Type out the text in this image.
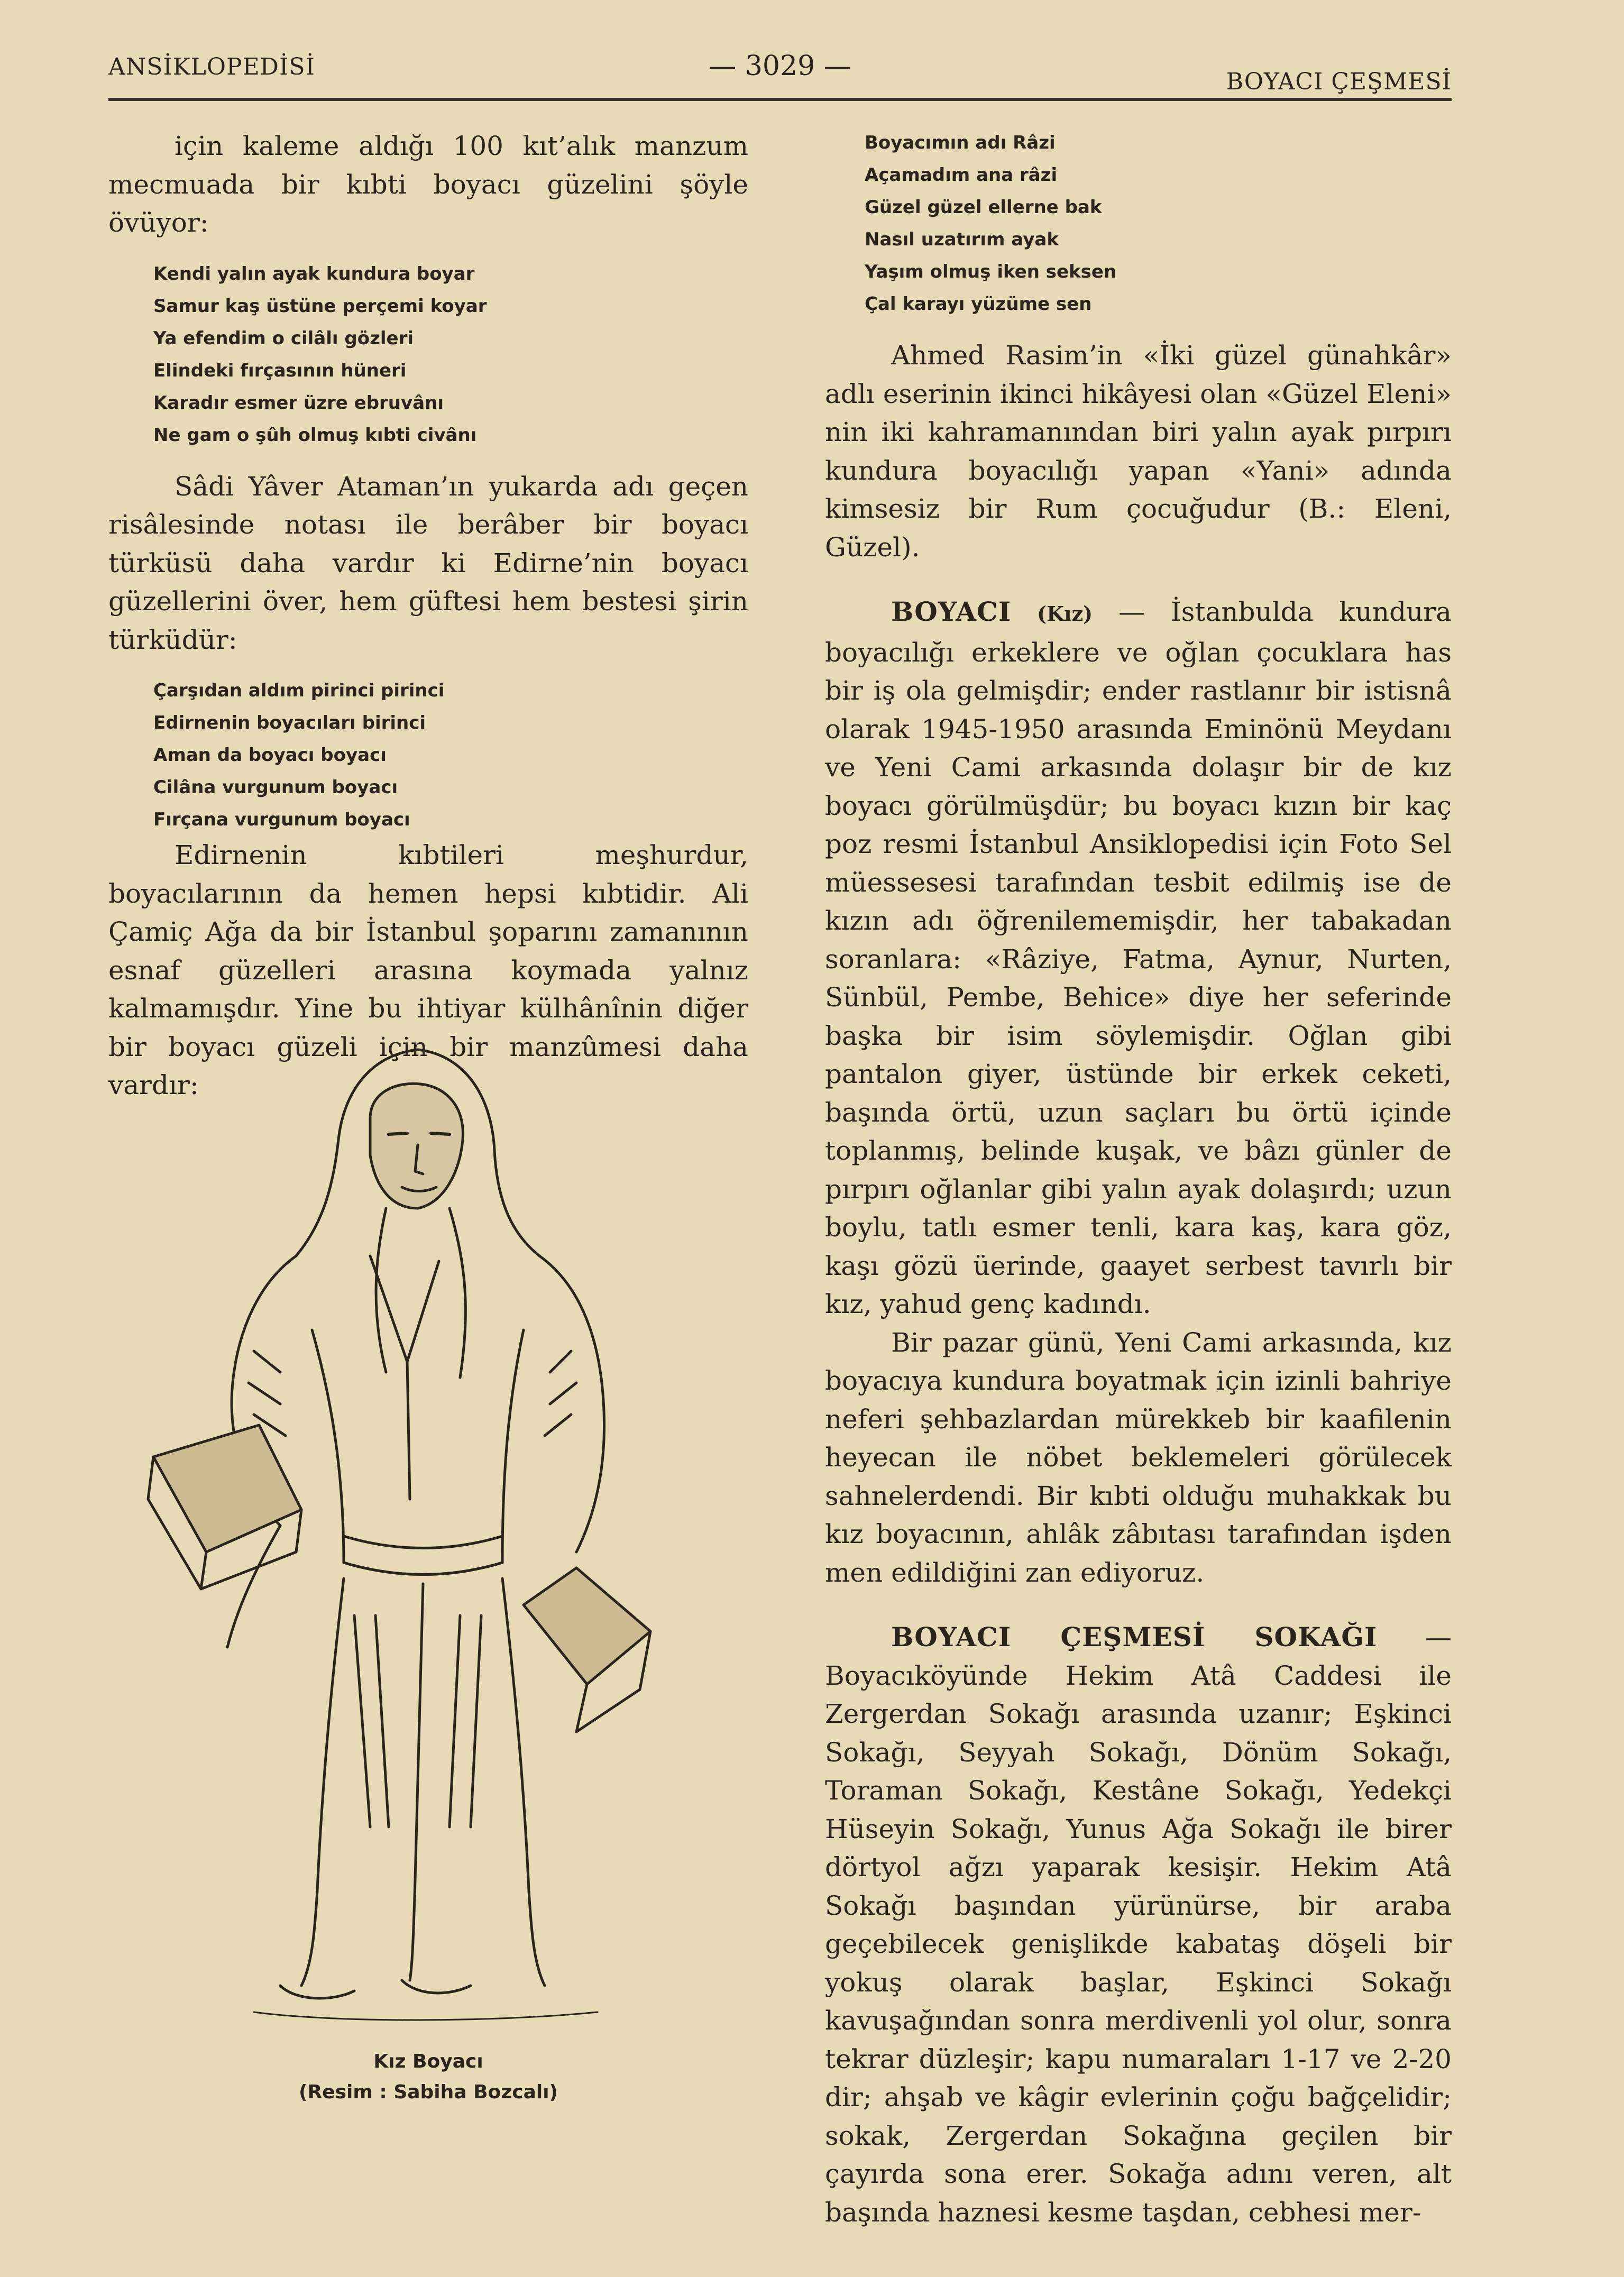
ANSİKLOPEDİSİ	— 3029 —	BOYACI ÇEŞMESİ

için kaleme aldığı 100 kıt’alık manzum mecmuada bir kıbti boyacı güzelini şöyle övüyor:

Kendi yalın ayak kundura boyar
Samur kaş üstüne perçemi koyar
Ya efendim o cilâlı gözleri
Elindeki fırçasının hüneri
Karadır esmer üzre ebruvânı
Ne gam o şûh olmuş kıbti civânı

Sâdi Yâver Ataman’ın yukarda adı geçen risâlesinde notası ile berâber bir boyacı türküsü daha vardır ki Edirne’nin boyacı güzellerini över, hem güftesi hem bestesi şirin türküdür:

Çarşıdan aldım pirinci pirinci
Edirnenin boyacıları birinci
Aman da boyacı boyacı
Cilâna vurgunum boyacı
Fırçana vurgunum boyacı

Edirnenin kıbtileri meşhurdur, boyacılarının da hemen hepsi kıbtidir. Ali Çamiç Ağa da bir İstanbul şoparını zamanının esnaf güzelleri arasına koymada yalnız kalmamışdır. Yine bu ihtiyar külhânînin diğer bir boyacı güzeli için bir manzûmesi daha vardır:

Kız Boyacı
(Resim : Sabiha Bozcalı)
Boyacımın adı Râzi
Açamadım ana râzi
Güzel güzel ellerne bak
Nasıl uzatırım ayak
Yaşım olmuş iken seksen
Çal karayı yüzüme sen

Ahmed Rasim’in «İki güzel günahkâr» adlı eserinin ikinci hikâyesi olan «Güzel Eleni» nin iki kahramanından biri yalın ayak pırpırı kundura boyacılığı yapan «Yani» adında kimsesiz bir Rum çocuğudur (B.: Eleni, Güzel).

BOYACI (Kız) — İstanbulda kundura boyacılığı erkeklere ve oğlan çocuklara has bir iş ola gelmişdir; ender rastlanır bir istisnâ olarak 1945-1950 arasında Eminönü Meydanı ve Yeni Cami arkasında dolaşır bir de kız boyacı görülmüşdür; bu boyacı kızın bir kaç poz resmi İstanbul Ansiklopedisi için Foto Sel müessesesi tarafından tesbit edilmiş ise de kızın adı öğrenilememişdir, her tabakadan soranlara: «Râziye, Fatma, Aynur, Nurten, Sünbül, Pembe, Behice» diye her seferinde başka bir isim söylemişdir. Oğlan gibi pantalon giyer, üstünde bir erkek ceketi, başında örtü, uzun saçları bu örtü içinde toplanmış, belinde kuşak, ve bâzı günler de pırpırı oğlanlar gibi yalın ayak dolaşırdı; uzun boylu, tatlı esmer tenli, kara kaş, kara göz, kaşı gözü üerinde, gaayet serbest tavırlı bir kız, yahud genç kadındı.

Bir pazar günü, Yeni Cami arkasında, kız boyacıya kundura boyatmak için izinli bahriye neferi şehbazlardan mürekkeb bir kaafilenin heyecan ile nöbet beklemeleri görülecek sahnelerdendi. Bir kıbti olduğu muhakkak bu kız boyacının, ahlâk zâbıtası tarafından işden men edildiğini zan ediyoruz.

BOYACI ÇEŞMESİ SOKAĞI — Boyacıköyünde Hekim Atâ Caddesi ile Zergerdan Sokağı arasında uzanır; Eşkinci Sokağı, Seyyah Sokağı, Dönüm Sokağı, Toraman Sokağı, Kestâne Sokağı, Yedekçi Hüseyin Sokağı, Yunus Ağa Sokağı ile birer dörtyol ağzı yaparak kesişir. Hekim Atâ Sokağı başından yürünürse, bir araba geçebilecek genişlikde kabataş döşeli bir yokuş olarak başlar, Eşkinci Sokağı kavuşağından sonra merdivenli yol olur, sonra tekrar düzleşir; kapu numaraları 1-17 ve 2-20 dir; ahşab ve kâgir evlerinin çoğu bağçelidir; sokak, Zergerdan Sokağına geçilen bir çayırda sona erer. Sokağa adını veren, alt başında haznesi kesme taşdan, cebhesi mer-
